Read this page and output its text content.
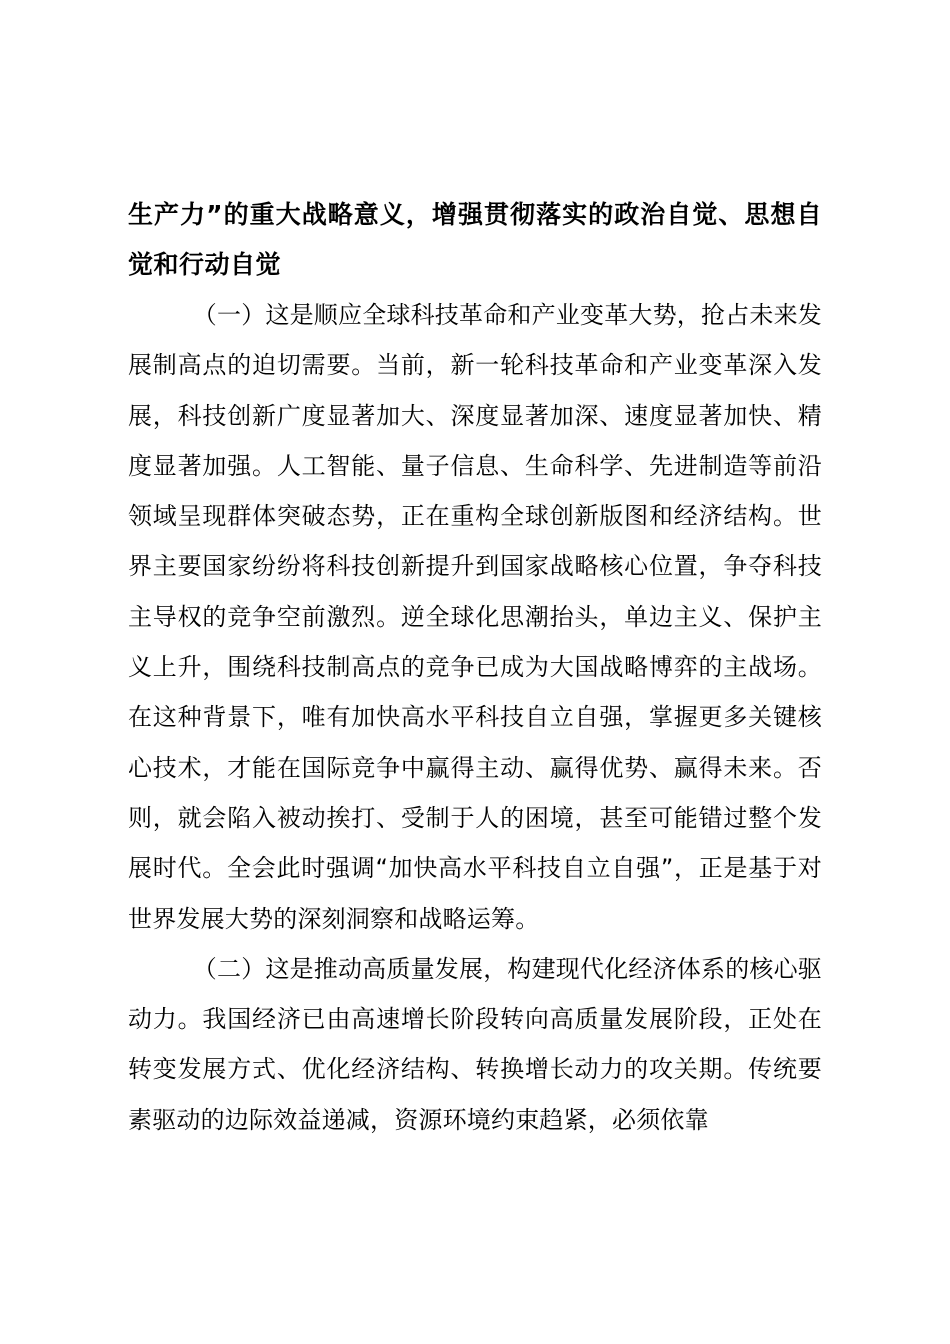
生产力”的重大战略意义，增强贯彻落实的政治自觉、思想自觉和行动自觉

（一）这是顺应全球科技革命和产业变革大势，抢占未来发展制高点的迫切需要。当前，新一轮科技革命和产业变革深入发展，科技创新广度显著加大、深度显著加深、速度显著加快、精度显著加强。人工智能、量子信息、生命科学、先进制造等前沿领域呈现群体突破态势，正在重构全球创新版图和经济结构。世界主要国家纷纷将科技创新提升到国家战略核心位置，争夺科技主导权的竞争空前激烈。逆全球化思潮抬头，单边主义、保护主义上升，围绕科技制高点的竞争已成为大国战略博弈的主战场。在这种背景下，唯有加快高水平科技自立自强，掌握更多关键核心技术，才能在国际竞争中赢得主动、赢得优势、赢得未来。否则，就会陷入被动挨打、受制于人的困境，甚至可能错过整个发展时代。全会此时强调“加快高水平科技自立自强”，正是基于对世界发展大势的深刻洞察和战略运筹。

（二）这是推动高质量发展，构建现代化经济体系的核心驱动力。我国经济已由高速增长阶段转向高质量发展阶段，正处在转变发展方式、优化经济结构、转换增长动力的攻关期。传统要素驱动的边际效益递减，资源环境约束趋紧，必须依靠
